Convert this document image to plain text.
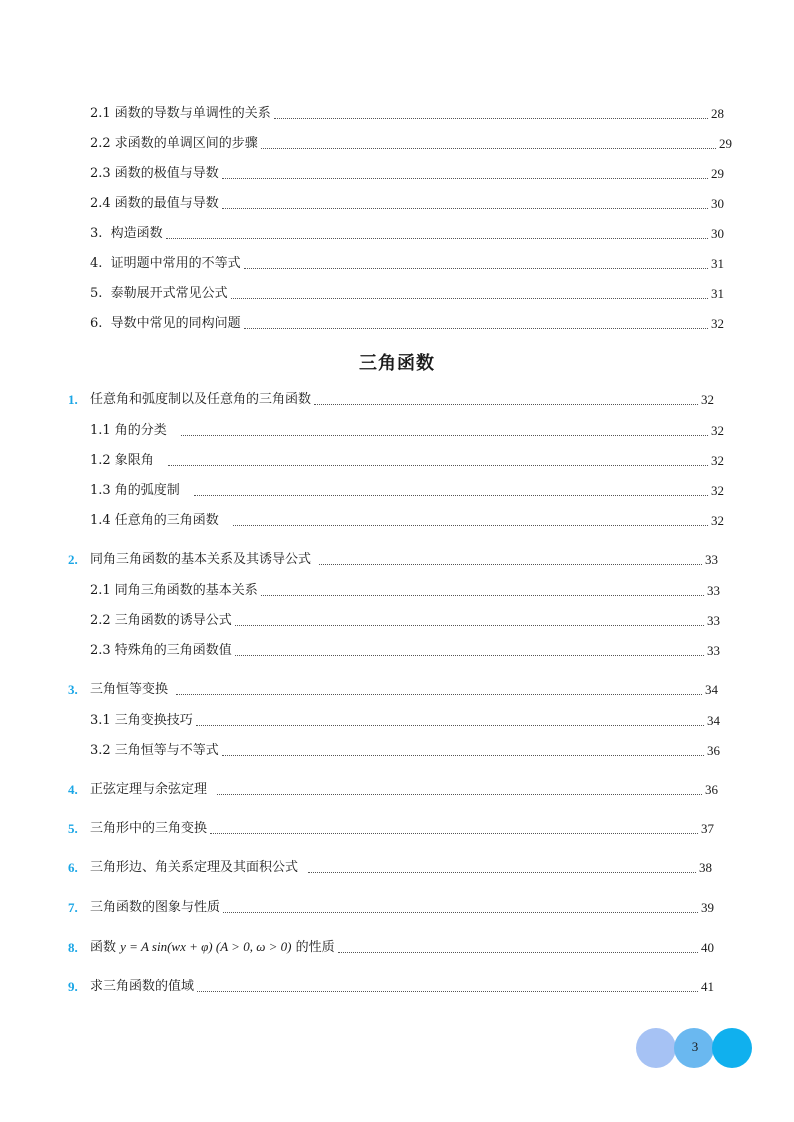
2.1 函数的导数与单调性的关系	28
2.2 求函数的单调区间的步骤	29
2.3 函数的极值与导数	29
2.4 函数的最值与导数	30
3.  构造函数	30
4.  证明题中常用的不等式	31
5.  泰勒展开式常见公式	31
6.  导数中常见的同构问题	32
三角函数
1. 任意角和弧度制以及任意角的三角函数	32
1.1 角的分类	32
1.2 象限角	32
1.3 角的弧度制	32
1.4 任意角的三角函数	32
2. 同角三角函数的基本关系及其诱导公式	33
2.1 同角三角函数的基本关系	33
2.2 三角函数的诱导公式	33
2.3 特殊角的三角函数值	33
3. 三角恒等变换	34
3.1 三角变换技巧	34
3.2 三角恒等与不等式	36
4. 正弦定理与余弦定理	36
5. 三角形中的三角变换	37
6. 三角形边、角关系定理及其面积公式	38
7. 三角函数的图象与性质	39
8. 函数 y = A sin(wx + φ) (A > 0, ω > 0) 的性质	40
9. 求三角函数的值域	41
3
